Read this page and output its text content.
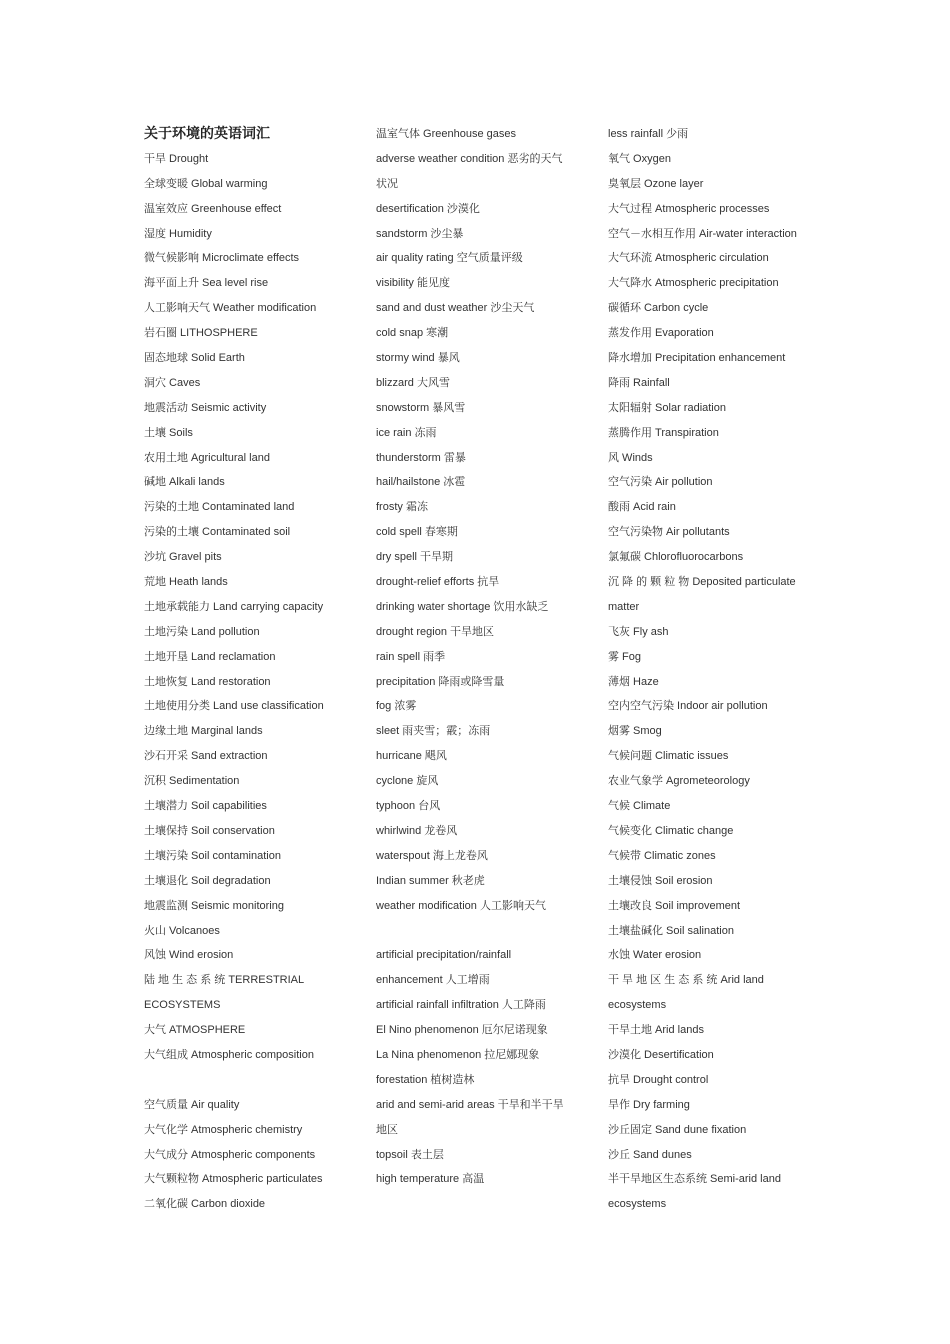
关于环境的英语词汇
干旱 Drought
全球变暖 Global warming
温室效应 Greenhouse effect
湿度 Humidity
微气候影响 Microclimate effects
海平面上升 Sea level rise
人工影响天气 Weather modification
岩石圈 LITHOSPHERE
固态地球 Solid Earth
洞穴 Caves
地震活动 Seismic activity
土壤 Soils
农用土地 Agricultural land
碱地 Alkali lands
污染的土地 Contaminated land
污染的土壤 Contaminated soil
沙坑 Gravel pits
荒地 Heath lands
土地承载能力 Land carrying capacity
土地污染 Land pollution
土地开垦 Land reclamation
土地恢复 Land restoration
土地使用分类 Land use classification
边缘土地 Marginal lands
沙石开采 Sand extraction
沉积 Sedimentation
土壤潜力 Soil capabilities
土壤保持 Soil conservation
土壤污染 Soil contamination
土壤退化 Soil degradation
地震监测 Seismic monitoring
火山 Volcanoes
风蚀 Wind erosion
陆 地 生 态 系 统 TERRESTRIAL
ECOSYSTEMS
大气 ATMOSPHERE
大气组成 Atmospheric composition
空气质量 Air quality
大气化学 Atmospheric chemistry
大气成分 Atmospheric components
大气颗粒物 Atmospheric particulates
二氧化碳 Carbon dioxide
温室气体 Greenhouse gases
adverse weather condition 恶劣的天气
状况
desertification 沙漠化
sandstorm 沙尘暴
air quality rating 空气质量评级
visibility 能见度
sand and dust weather 沙尘天气
cold snap 寒潮
stormy wind 暴风
blizzard 大风雪
snowstorm 暴风雪
ice rain 冻雨
thunderstorm 雷暴
hail/hailstone 冰雹
frosty 霜冻
cold spell 春寒期
dry spell 干旱期
drought-relief efforts 抗旱
drinking water shortage 饮用水缺乏
drought region 干旱地区
rain spell 雨季
precipitation 降雨或降雪量
fog 浓雾
sleet 雨夹雪；霰；冻雨
hurricane 飓风
cyclone 旋风
typhoon 台风
whirlwind 龙卷风
waterspout 海上龙卷风
Indian summer 秋老虎
weather modification 人工影响天气
artificial precipitation/rainfall
enhancement 人工增雨
artificial rainfall infiltration 人工降雨
El Nino phenomenon 厄尔尼诺现象
La Nina phenomenon 拉尼娜现象
forestation 植树造林
arid and semi-arid areas 干旱和半干旱
地区
topsoil 表土层
high temperature 高温
less rainfall 少雨
氧气 Oxygen
臭氧层 Ozone layer
大气过程 Atmospheric processes
空气－水相互作用 Air-water interaction
大气环流 Atmospheric circulation
大气降水 Atmospheric precipitation
碳循环 Carbon cycle
蒸发作用 Evaporation
降水增加 Precipitation enhancement
降雨 Rainfall
太阳辐射 Solar radiation
蒸腾作用 Transpiration
风 Winds
空气污染 Air pollution
酸雨 Acid rain
空气污染物 Air pollutants
氯氟碳 Chlorofluorocarbons
沉 降 的 颗 粒 物 Deposited particulate
matter
飞灰 Fly ash
雾 Fog
薄烟 Haze
空内空气污染 Indoor air pollution
烟雾 Smog
气候问题 Climatic issues
农业气象学 Agrometeorology
气候 Climate
气候变化 Climatic change
气候带 Climatic zones
土壤侵蚀 Soil erosion
土壤改良 Soil improvement
土壤盐碱化 Soil salination
水蚀 Water erosion
干 旱 地 区 生 态 系 统 Arid land
ecosystems
干旱土地 Arid lands
沙漠化 Desertification
抗旱 Drought control
旱作 Dry farming
沙丘固定 Sand dune fixation
沙丘 Sand dunes
半干旱地区生态系统 Semi-arid land
ecosystems
